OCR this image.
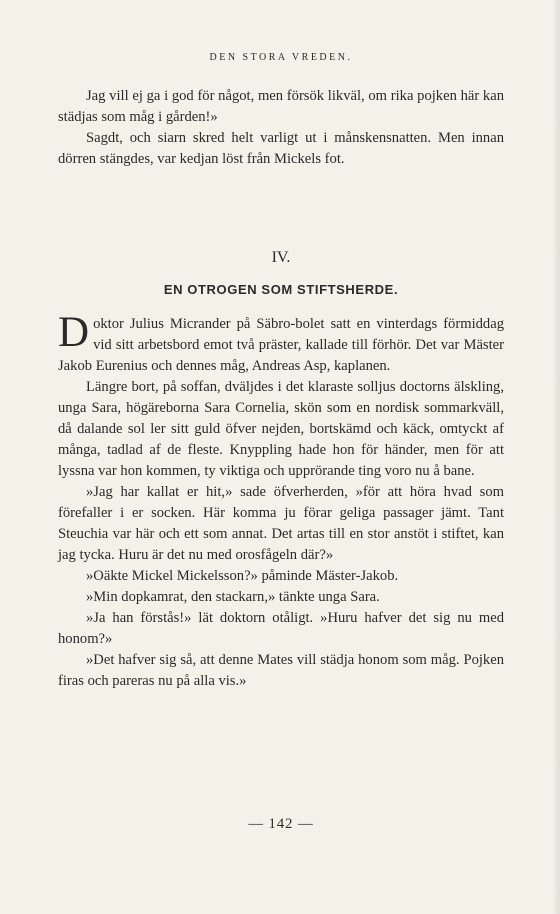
DEN STORA VREDEN.

Jag vill ej ga i god för något, men försök likväl, om rika pojken här kan städjas som måg i gården!»

Sagdt, och siarn skred helt varligt ut i månskensnatten. Men innan dörren stängdes, var kedjan löst från Mickels fot.

IV.
EN OTROGEN SOM STIFTSHERDE.

Doktor Julius Micrander på Säbro-bolet satt en vinterdags förmiddag vid sitt arbetsbord emot två präster, kallade till förhör. Det var Mäster Jakob Eurenius och dennes måg, Andreas Asp, kaplanen.

Längre bort, på soffan, dväljdes i det klaraste solljus doctorns älskling, unga Sara, högäreborna Sara Cornelia, skön som en nordisk sommarkväll, då dalande sol ler sitt guld öfver nejden, bortskämd och käck, omtyckt af många, tadlad af de fleste. Knyppling hade hon för händer, men för att lyssna var hon kommen, ty viktiga och upprörande ting voro nu å bane.

»Jag har kallat er hit,» sade öfverherden, »för att höra hvad som förefaller i er socken. Här komma ju förar geliga passager jämt. Tant Steuchia var här och ett som annat. Det artas till en stor anstöt i stiftet, kan jag tycka. Huru är det nu med orosfågeln där?»

»Oäkte Mickel Mickelsson?» påminde Mäster-Jakob.

»Min dopkamrat, den stackarn,» tänkte unga Sara.

»Ja han förstås!» lät doktorn otåligt. »Huru hafver det sig nu med honom?»

»Det hafver sig så, att denne Mates vill städja honom som måg. Pojken firas och pareras nu på alla vis.»

— 142 —
